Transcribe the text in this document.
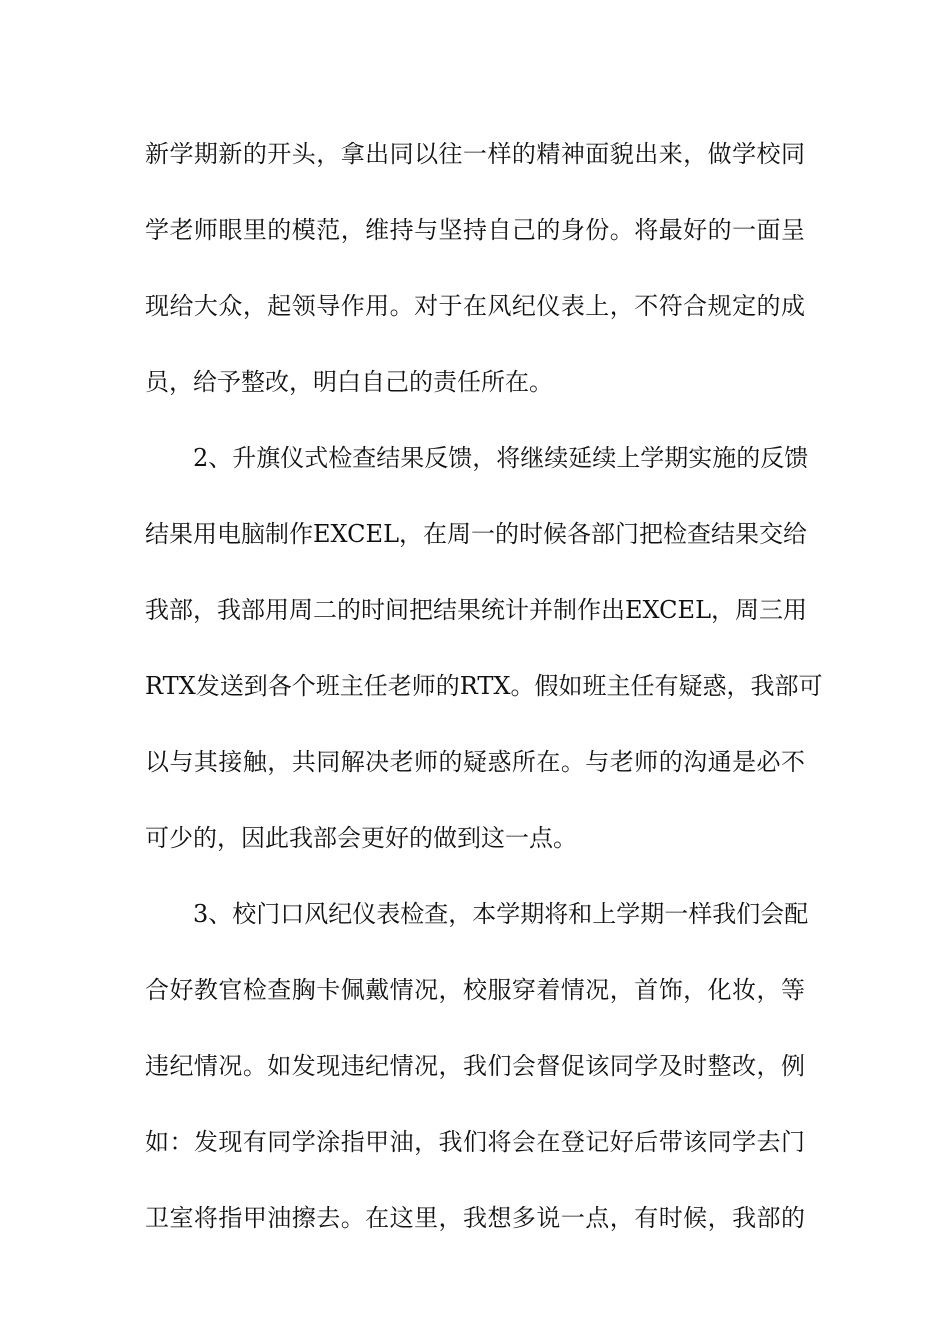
新学期新的开头，拿出同以往一样的精神面貌出来，做学校同
学老师眼里的模范，维持与坚持自己的身份。将最好的一面呈
现给大众，起领导作用。对于在风纪仪表上，不符合规定的成
员，给予整改，明白自己的责任所在。
2、升旗仪式检查结果反馈，将继续延续上学期实施的反馈
结果用电脑制作EXCEL，在周一的时候各部门把检查结果交给
我部，我部用周二的时间把结果统计并制作出EXCEL，周三用
RTX发送到各个班主任老师的RTX。假如班主任有疑惑，我部可
以与其接触，共同解决老师的疑惑所在。与老师的沟通是必不
可少的，因此我部会更好的做到这一点。
3、校门口风纪仪表检查，本学期将和上学期一样我们会配
合好教官检查胸卡佩戴情况，校服穿着情况，首饰，化妆，等
违纪情况。如发现违纪情况，我们会督促该同学及时整改，例
如：发现有同学涂指甲油，我们将会在登记好后带该同学去门
卫室将指甲油擦去。在这里，我想多说一点，有时候，我部的
